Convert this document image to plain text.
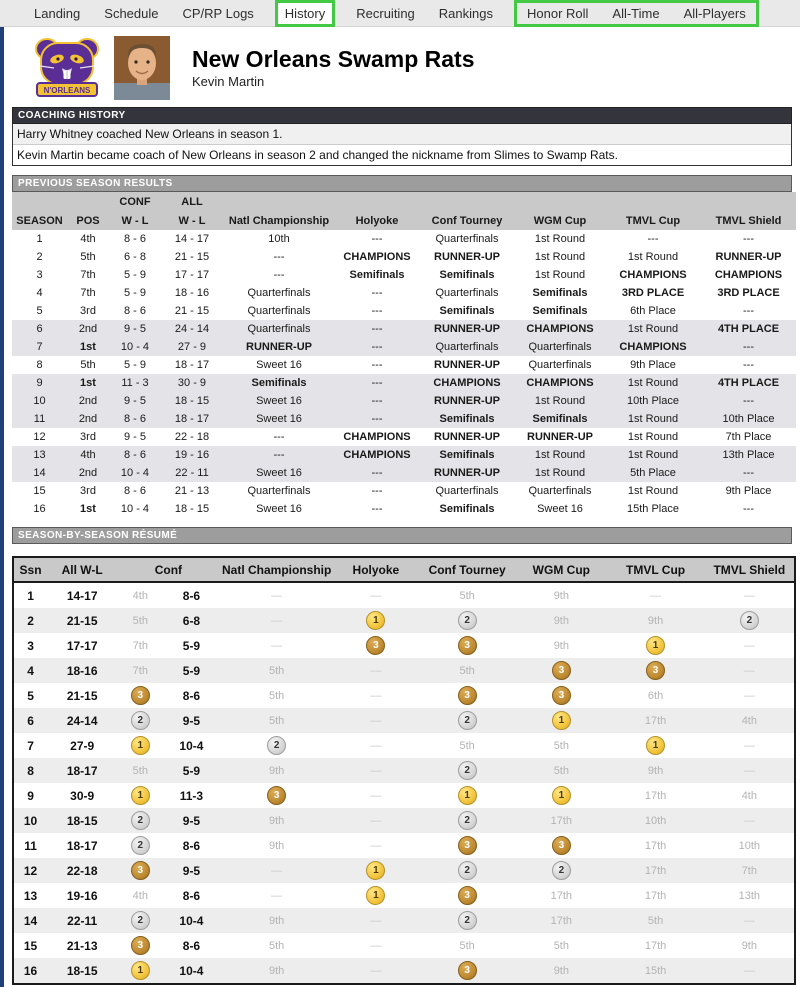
Landing Schedule CP/RP Logs	History	Recruiting Rankings	Honor Roll All-Time All-Players
N'ORLEANS
New Orleans Swamp Rats
Kevin Martin
COACHING HISTORY
Harry Whitney coached New Orleans in season 1.
Kevin Martin became coach of New Orleans in season 2 and changed the nickname from Slimes to Swamp Rats.
PREVIOUS SEASON RESULTS
		CONF	ALL						
SEASON	POS	W - L	W - L	Natl Championship	Holyoke	Conf Tourney	WGM Cup	TMVL Cup	TMVL Shield
1	4th	8 - 6	14 - 17	10th	---	Quarterfinals	1st Round	---	---
2	5th	6 - 8	21 - 15	---	CHAMPIONS	RUNNER-UP	1st Round	1st Round	RUNNER-UP
3	7th	5 - 9	17 - 17	---	Semifinals	Semifinals	1st Round	CHAMPIONS	CHAMPIONS
4	7th	5 - 9	18 - 16	Quarterfinals	---	Quarterfinals	Semifinals	3RD PLACE	3RD PLACE
5	3rd	8 - 6	21 - 15	Quarterfinals	---	Semifinals	Semifinals	6th Place	---
6	2nd	9 - 5	24 - 14	Quarterfinals	---	RUNNER-UP	CHAMPIONS	1st Round	4TH PLACE
7	1st	10 - 4	27 - 9	RUNNER-UP	---	Quarterfinals	Quarterfinals	CHAMPIONS	---
8	5th	5 - 9	18 - 17	Sweet 16	---	RUNNER-UP	Quarterfinals	9th Place	---
9	1st	11 - 3	30 - 9	Semifinals	---	CHAMPIONS	CHAMPIONS	1st Round	4TH PLACE
10	2nd	9 - 5	18 - 15	Sweet 16	---	RUNNER-UP	1st Round	10th Place	---
11	2nd	8 - 6	18 - 17	Sweet 16	---	Semifinals	Semifinals	1st Round	10th Place
12	3rd	9 - 5	22 - 18	---	CHAMPIONS	RUNNER-UP	RUNNER-UP	1st Round	7th Place
13	4th	8 - 6	19 - 16	---	CHAMPIONS	Semifinals	1st Round	1st Round	13th Place
14	2nd	10 - 4	22 - 11	Sweet 16	---	RUNNER-UP	1st Round	5th Place	---
15	3rd	8 - 6	21 - 13	Quarterfinals	---	Quarterfinals	Quarterfinals	1st Round	9th Place
16	1st	10 - 4	18 - 15	Sweet 16	---	Semifinals	Sweet 16	15th Place	---
SEASON-BY-SEASON RÉSUMÉ
Ssn	All W-L	Conf		Natl Championship	Holyoke	Conf Tourney	WGM Cup	TMVL Cup	TMVL Shield
1	14-17	4th	8-6	—	—	5th	9th	—	—
2	21-15	5th	6-8	—	1	2	9th	9th	2
3	17-17	7th	5-9	—	3	3	9th	1	—
4	18-16	7th	5-9	5th	—	5th	3	3	—
5	21-15	3	8-6	5th	—	3	3	6th	—
6	24-14	2	9-5	5th	—	2	1	17th	4th
7	27-9	1	10-4	2	—	5th	5th	1	—
8	18-17	5th	5-9	9th	—	2	5th	9th	—
9	30-9	1	11-3	3	—	1	1	17th	4th
10	18-15	2	9-5	9th	—	2	17th	10th	—
11	18-17	2	8-6	9th	—	3	3	17th	10th
12	22-18	3	9-5	—	1	2	2	17th	7th
13	19-16	4th	8-6	—	1	3	17th	17th	13th
14	22-11	2	10-4	9th	—	2	17th	5th	—
15	21-13	3	8-6	5th	—	5th	5th	17th	9th
16	18-15	1	10-4	9th	—	3	9th	15th	—
